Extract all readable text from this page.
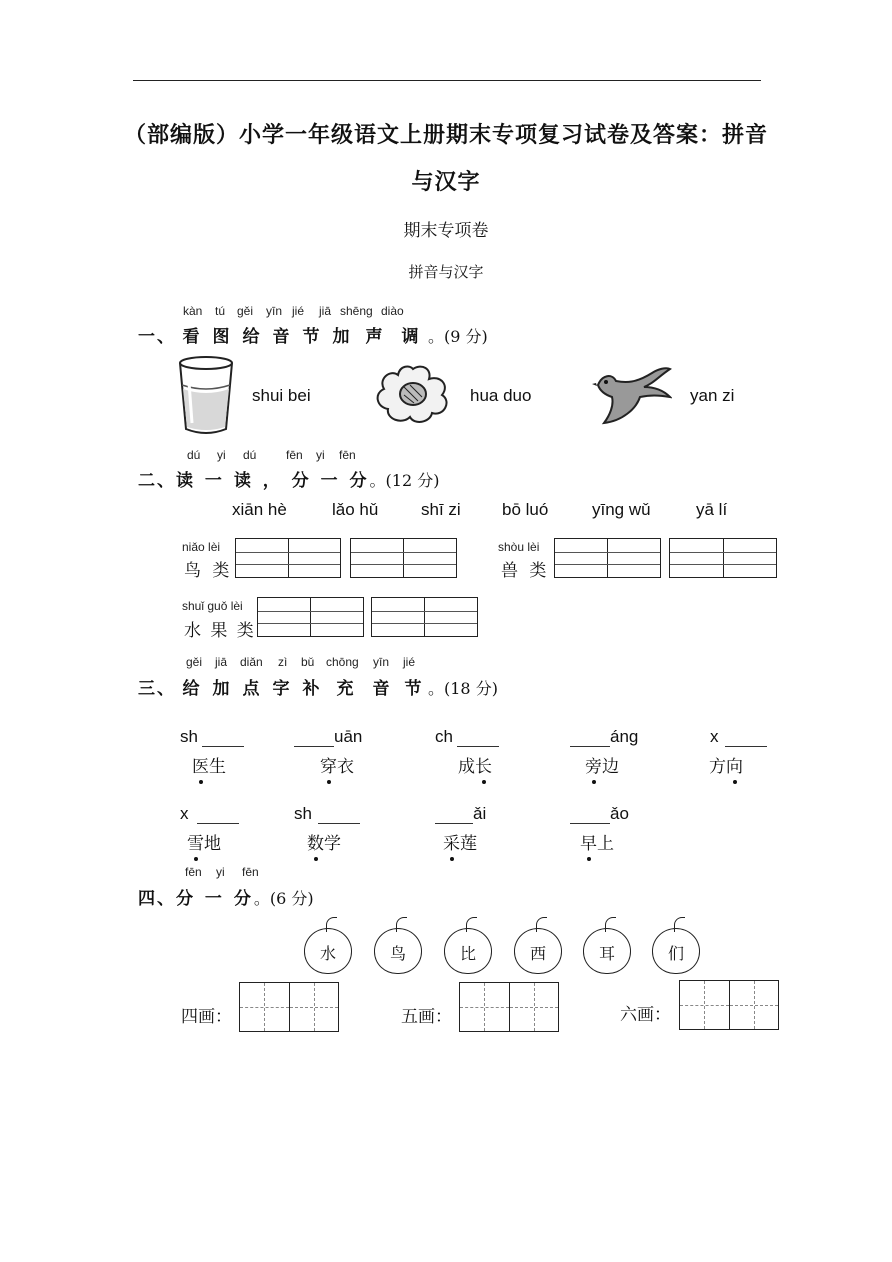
（部编版）小学一年级语文上册期末专项复习试卷及答案：拼音
与汉字
期末专项卷
拼音与汉字
kàn tú gěi yīn jié jiā shēng diào
一、 看 图 给 音 节 加 声 调 。(9 分)
shui bei	hua duo	yan zi
dú yi dú fēn yi fēn
二、读 一 读 ， 分 一 分。(12 分)
xiān hè	lǎo hǔ	shī zi bō luó	yīng wǔ	yā lí
niǎo lèi
鸟 类
shòu lèi
兽 类
shuǐ guǒ lèi
水 果 类
gěi jiā diǎn zì bǔ chōng yīn jié
三、 给 加 点 字 补 充 音 节 。(18 分)
sh
医生
uān
穿衣
ch
成长
áng
旁边
x
方向
x
雪地
sh
数学
ǎi
采莲
ǎo
早上
fēn yi fēn
四、分 一 分。(6 分)
水	鸟	比	西	耳	们
四画：	五画：	六画：
